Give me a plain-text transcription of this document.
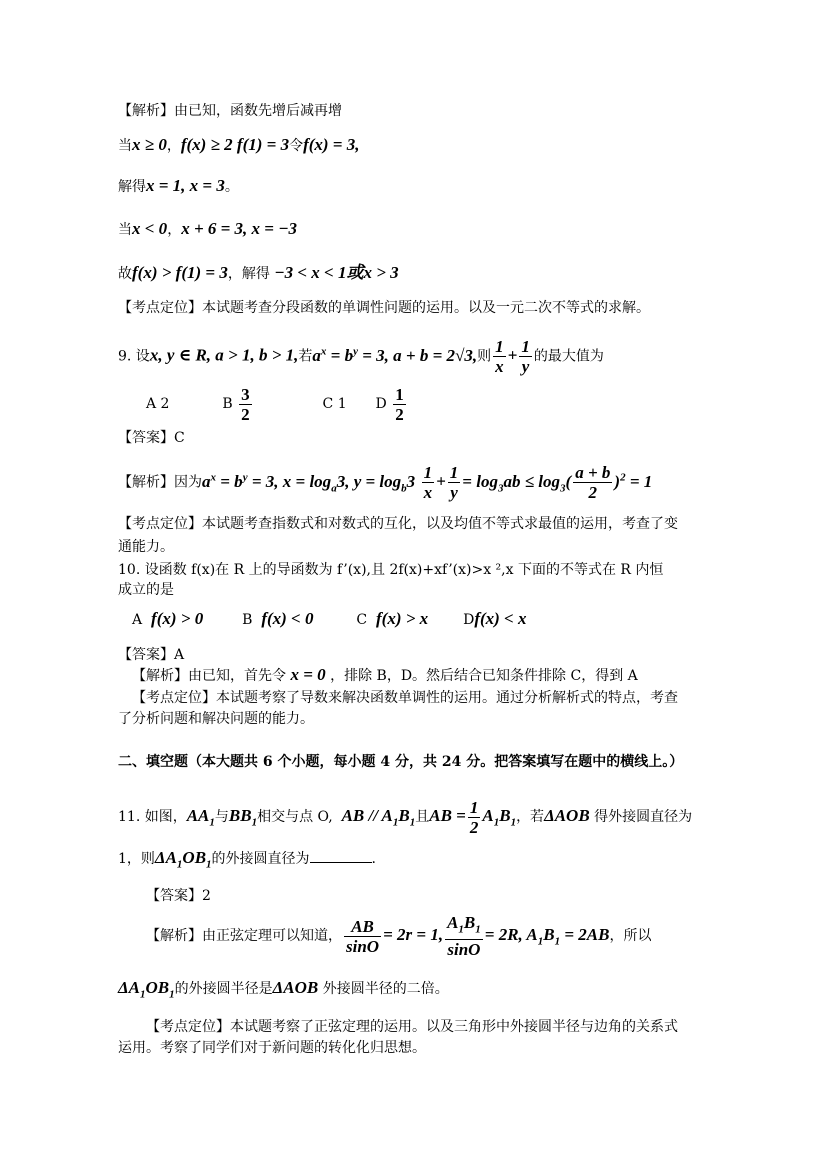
【解析】由已知，函数先增后减再增
当x ≥ 0，f(x) ≥ 2 f(1) = 3令f(x) = 3,
解得x = 1, x = 3。
当x < 0，x + 6 = 3, x = −3
故f(x) > f(1) = 3，解得 −3 < x < 1或x > 3
【考点定位】本试题考查分段函数的单调性问题的运用。以及一元二次不等式的求解。
9. 设x, y ∈ R, a > 1, b > 1,若$a^x = b^y = 3$, a + b = 2√3,则 $\frac{1}{x} + \frac{1}{y}$ 的最大值为
A 2	B $\frac{3}{2}$	C 1 D $\frac{1}{2}$
【答案】C
【解析】因为$a^x = b^y = 3$, $x = \log_a3$, $y = \log_b3 \frac{1}{x} + \frac{1}{y} = \log_3ab \le \log_3( \frac{a + b}{2} )^2 = 1$
【考点定位】本试题考查指数式和对数式的互化，以及均值不等式求最值的运用，考查了变
通能力。
10. 设函数 f(x)在 R 上的导函数为 f’(x),且 2f(x)+xf’(x)>x ²,x 下面的不等式在 R 内恒
成立的是
A f(x) > 0	B f(x) < 0	C f(x) > x Df(x) < x
【答案】A
【解析】由已知，首先令 x = 0 ，排除 B，D。然后结合已知条件排除 C，得到 A
【考点定位】本试题考察了导数来解决函数单调性的运用。通过分析解析式的特点，考查
了分析问题和解决问题的能力。
二、填空题（本大题共 6 个小题，每小题 4 分，共 24 分。把答案填写在题中的横线上。）
11. 如图，$AA_1$与$BB_1$相交与点 O, AB // $A_1B_1$且AB = $\frac{1}{2} A_1B_1$，若ΔAOB 得外接圆直径为
1，则$\Delta A_1OB_1$的外接圆直径为	.
【答案】2
【解析】由正弦定理可以知道， $\frac{AB}{\sin O} = 2r = 1$, $\frac{A_1B_1}{\sin O} = 2R$, $A_1B_1 = 2AB$，所以
$\Delta A_1OB_1$的外接圆半径是ΔAOB 外接圆半径的二倍。
【考点定位】本试题考察了正弦定理的运用。以及三角形中外接圆半径与边角的关系式
运用。考察了同学们对于新问题的转化化归思想。
